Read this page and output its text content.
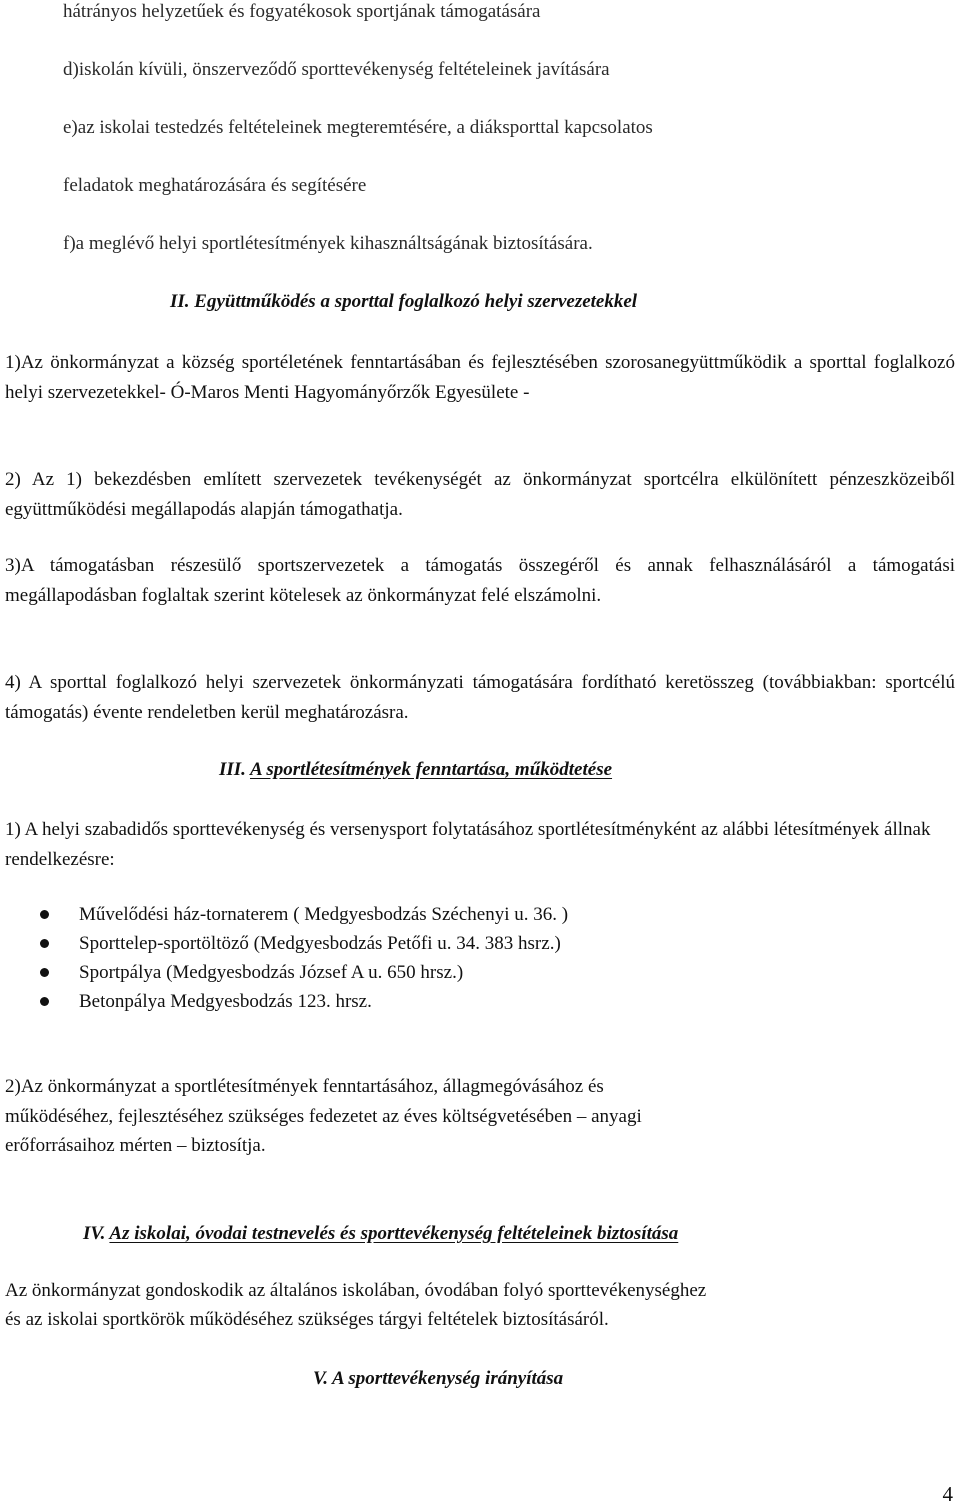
hátrányos helyzetűek és fogyatékosok sportjának támogatására
d)iskolán kívüli, önszerveződő sporttevékenység feltételeinek javítására
e)az iskolai testedzés feltételeinek megteremtésére, a diáksporttal kapcsolatos
feladatok meghatározására és segítésére
f)a meglévő helyi sportlétesítmények kihasználtságának biztosítására.
II. Együttműködés a sporttal foglalkozó helyi szervezetekkel

1)Az önkormányzat a község sportéletének fenntartásában és fejlesztésében szorosanegyüttműködik a sporttal foglalkozó helyi szervezetekkel- Ó-Maros Menti Hagyományőrzők Egyesülete -

2) Az 1) bekezdésben említett szervezetek tevékenységét az önkormányzat sportcélra elkülönített pénzeszközeiből együttműködési megállapodás alapján támogathatja.

3)A támogatásban részesülő sportszervezetek a támogatás összegéről és annak felhasználásáról a támogatási megállapodásban foglaltak szerint kötelesek az önkormányzat felé elszámolni.

4) A sporttal foglalkozó helyi szervezetek önkormányzati támogatására fordítható keretösszeg (továbbiakban: sportcélú támogatás) évente rendeletben kerül meghatározásra.

III. A sportlétesítmények fenntartása, működtetése

1) A helyi szabadidős sporttevékenység és versenysport folytatásához sportlétesítményként az alábbi létesítmények állnak rendelkezésre:

Művelődési ház-tornaterem ( Medgyesbodzás Széchenyi u. 36. )
Sporttelep-sportöltöző (Medgyesbodzás Petőfi u. 34. 383 hsrz.)
Sportpálya (Medgyesbodzás József A u. 650 hrsz.)
Betonpálya Medgyesbodzás 123. hrsz.
2)Az önkormányzat a sportlétesítmények fenntartásához, állagmegóvásához és
működéséhez, fejlesztéséhez szükséges fedezetet az éves költségvetésében – anyagi
erőforrásaihoz mérten – biztosítja.
IV. Az iskolai, óvodai testnevelés és sporttevékenység feltételeinek biztosítása
Az önkormányzat gondoskodik az általános iskolában, óvodában folyó sporttevékenységhez
és az iskolai sportkörök működéséhez szükséges tárgyi feltételek biztosításáról.
V. A sporttevékenység irányítása
4
